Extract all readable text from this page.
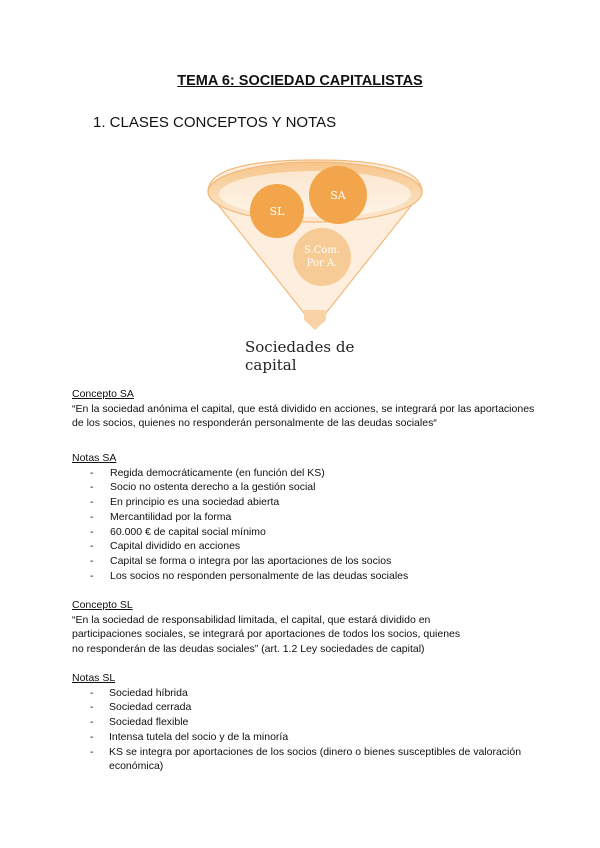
TEMA 6: SOCIEDAD CAPITALISTAS
1. CLASES CONCEPTOS Y NOTAS
SL
SA
S.Com.
Por A.
Sociedades de capital
Concepto SA
“En la sociedad anónima el capital, que está dividido en acciones, se integrará por las aportaciones de los socios, quienes no responderán personalmente de las deudas sociales“
Notas SA
- Regida democráticamente (en función del KS)
- Socio no ostenta derecho a la gestión social
- En principio es una sociedad abierta
- Mercantilidad por la forma
- 60.000 € de capital social mínimo
- Capital dividido en acciones
- Capital se forma o integra por las aportaciones de los socios
- Los socios no responden personalmente de las deudas sociales
Concepto SL
“En la sociedad de responsabilidad limitada, el capital, que estará dividido en participaciones sociales, se integrará por aportaciones de todos los socios, quienes no responderán de las deudas sociales” (art. 1.2 Ley sociedades de capital)
Notas SL
- Sociedad híbrida
- Sociedad cerrada
- Sociedad flexible
- Intensa tutela del socio y de la minoría
- KS se integra por aportaciones de los socios (dinero o bienes susceptibles de valoración económica)
